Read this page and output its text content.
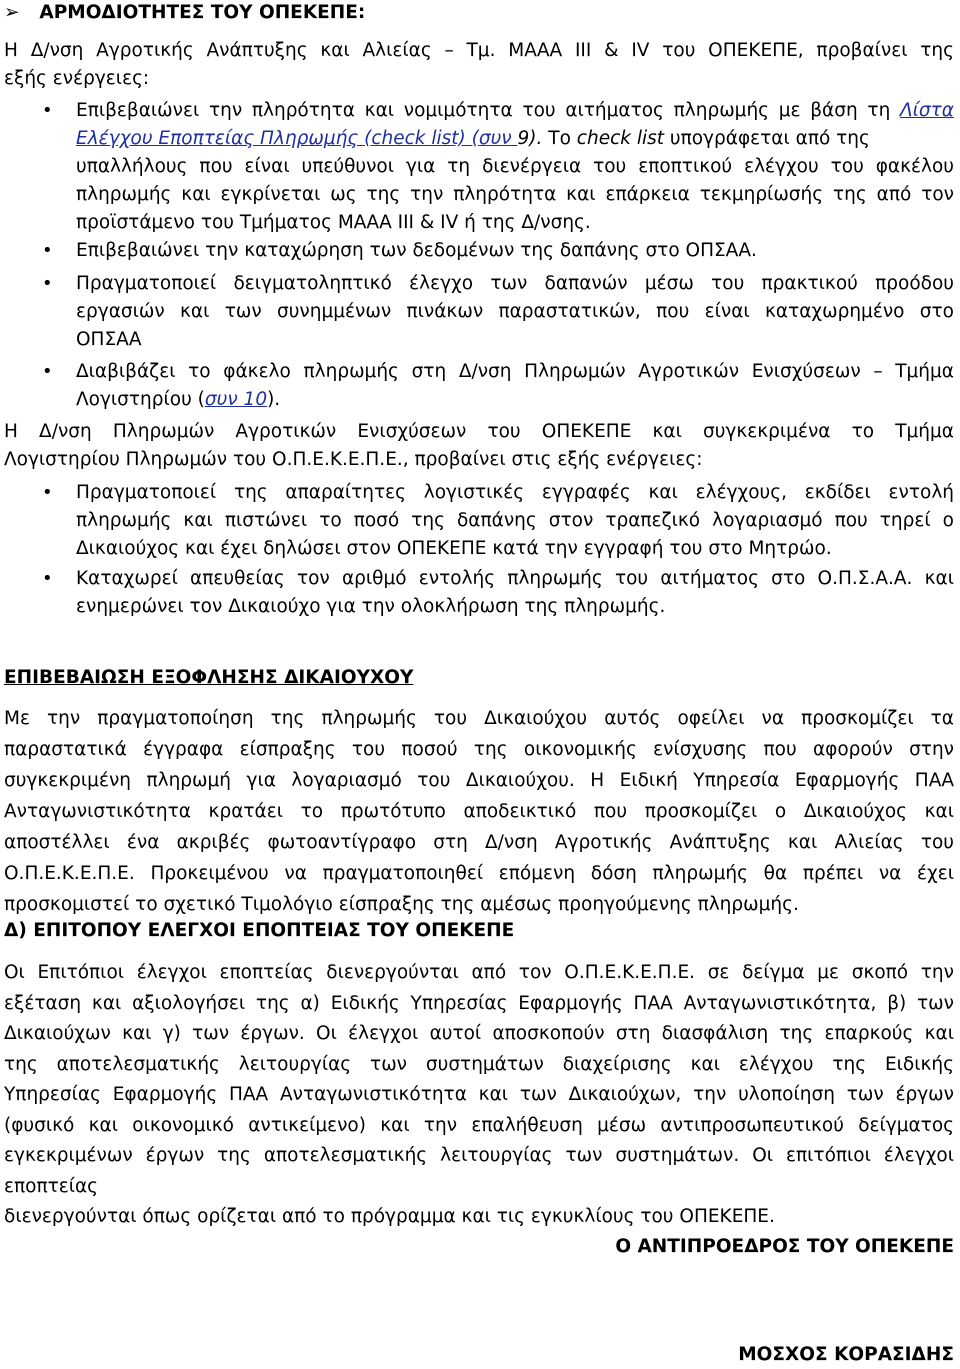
➢ ΑΡΜΟΔΙΟΤΗΤΕΣ ΤΟΥ ΟΠΕΚΕΠΕ:
Η Δ/νση Αγροτικής Ανάπτυξης και Αλιείας – Τμ. ΜΑΑΑ ΙΙΙ & ΙV του ΟΠΕΚΕΠΕ, προβαίνει της
εξής ενέργειες:
• Επιβεβαιώνει την πληρότητα και νομιμότητα του αιτήματος πληρωμής με βάση τη Λίστα
Ελέγχου Εποπτείας Πληρωμής (check list) (συν 9). Το check list υπογράφεται από της
υπαλλήλους που είναι υπεύθυνοι για τη διενέργεια του εποπτικού ελέγχου του φακέλου
πληρωμής και εγκρίνεται ως της την πληρότητα και επάρκεια τεκμηρίωσής της από τον
προϊστάμενο του Τμήματος ΜΑΑΑ ΙΙΙ & ΙV ή της Δ/νσης.
• Επιβεβαιώνει την καταχώρηση των δεδομένων της δαπάνης στο ΟΠΣΑΑ.
• Πραγματοποιεί δειγματοληπτικό έλεγχο των δαπανών μέσω του πρακτικού προόδου
εργασιών και των συνημμένων πινάκων παραστατικών, που είναι καταχωρημένο στο
ΟΠΣΑΑ
• Διαβιβάζει το φάκελο πληρωμής στη Δ/νση Πληρωμών Αγροτικών Ενισχύσεων – Τμήμα
Λογιστηρίου (συν 10).
Η Δ/νση Πληρωμών Αγροτικών Ενισχύσεων του ΟΠΕΚΕΠΕ και συγκεκριμένα το Τμήμα
Λογιστηρίου Πληρωμών του Ο.Π.Ε.Κ.Ε.Π.Ε., προβαίνει στις εξής ενέργειες:
• Πραγματοποιεί της απαραίτητες λογιστικές εγγραφές και ελέγχους, εκδίδει εντολή
πληρωμής και πιστώνει το ποσό της δαπάνης στον τραπεζικό λογαριασμό που τηρεί ο
Δικαιούχος και έχει δηλώσει στον ΟΠΕΚΕΠΕ κατά την εγγραφή του στο Μητρώο.
• Καταχωρεί απευθείας τον αριθμό εντολής πληρωμής του αιτήματος στο Ο.Π.Σ.Α.Α. και
ενημερώνει τον Δικαιούχο για την ολοκλήρωση της πληρωμής.
ΕΠΙΒΕΒΑΙΩΣΗ ΕΞΟΦΛΗΣΗΣ ΔΙΚΑΙΟΥΧΟΥ
Με την πραγματοποίηση της πληρωμής του Δικαιούχου αυτός οφείλει να προσκομίζει τα
παραστατικά έγγραφα είσπραξης του ποσού της οικονομικής ενίσχυσης που αφορούν στην
συγκεκριμένη πληρωμή για λογαριασμό του Δικαιούχου. Η Ειδική Υπηρεσία Εφαρμογής ΠΑΑ
Ανταγωνιστικότητα κρατάει το πρωτότυπο αποδεικτικό που προσκομίζει ο Δικαιούχος και
αποστέλλει ένα ακριβές φωτοαντίγραφο στη Δ/νση Αγροτικής Ανάπτυξης και Αλιείας του
Ο.Π.Ε.Κ.Ε.Π.Ε. Προκειμένου να πραγματοποιηθεί επόμενη δόση πληρωμής θα πρέπει να έχει
προσκομιστεί το σχετικό Τιμολόγιο είσπραξης της αμέσως προηγούμενης πληρωμής.
Δ) ΕΠΙΤΟΠΟΥ ΕΛΕΓΧΟΙ ΕΠΟΠΤΕΙΑΣ ΤΟΥ ΟΠΕΚΕΠΕ
Οι Επιτόπιοι έλεγχοι εποπτείας διενεργούνται από τον Ο.Π.Ε.Κ.Ε.Π.Ε. σε δείγμα με σκοπό την
εξέταση και αξιολογήσει της α) Ειδικής Υπηρεσίας Εφαρμογής ΠΑΑ Ανταγωνιστικότητα, β) των
Δικαιούχων και γ) των έργων. Οι έλεγχοι αυτοί αποσκοπούν στη διασφάλιση της επαρκούς και
της αποτελεσματικής λειτουργίας των συστημάτων διαχείρισης και ελέγχου της Ειδικής
Υπηρεσίας Εφαρμογής ΠΑΑ Ανταγωνιστικότητα και των Δικαιούχων, την υλοποίηση των έργων
(φυσικό και οικονομικό αντικείμενο) και την επαλήθευση μέσω αντιπροσωπευτικού δείγματος
εγκεκριμένων έργων της αποτελεσματικής λειτουργίας των συστημάτων. Οι επιτόπιοι έλεγχοι εποπτείας
διενεργούνται όπως ορίζεται από το πρόγραμμα και τις εγκυκλίους του ΟΠΕΚΕΠΕ.
Ο ΑΝΤΙΠΡΟΕΔΡΟΣ ΤΟΥ ΟΠΕΚΕΠΕ
ΜΟΣΧΟΣ ΚΟΡΑΣΙΔΗΣ
